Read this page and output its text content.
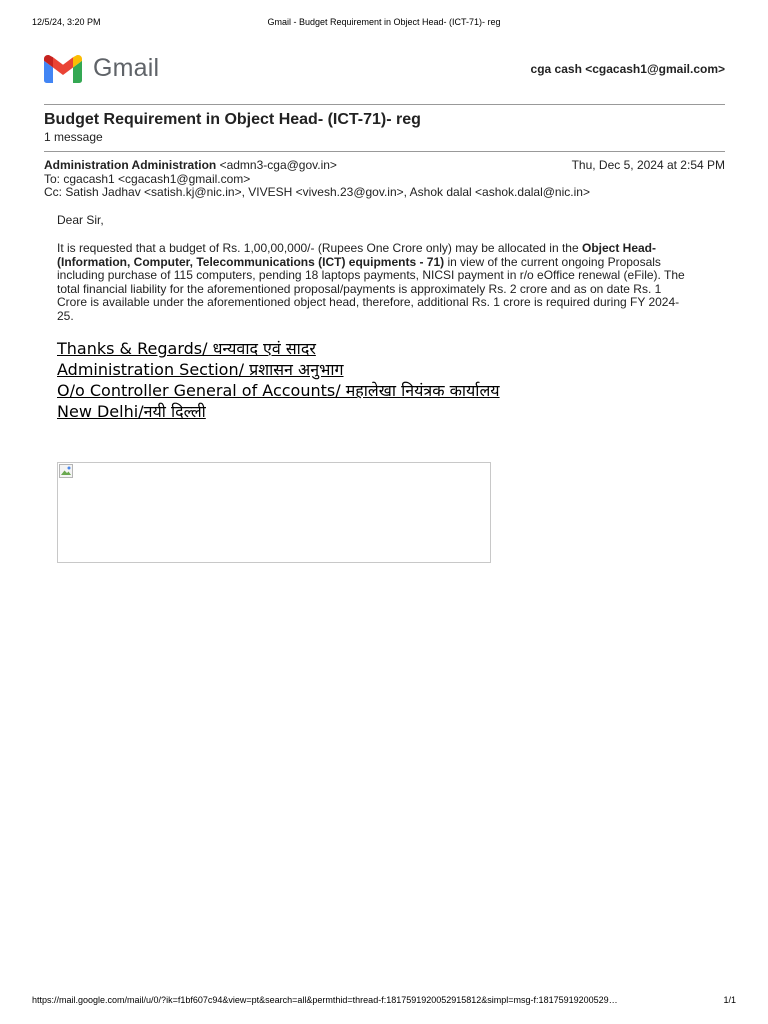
12/5/24, 3:20 PM	Gmail - Budget Requirement in Object Head- (ICT-71)- reg
Gmail	cga cash <cgacash1@gmail.com>
Budget Requirement in Object Head- (ICT-71)- reg
1 message
Administration Administration <admn3-cga@gov.in>	Thu, Dec 5, 2024 at 2:54 PM
To: cgacash1 <cgacash1@gmail.com>
Cc: Satish Jadhav <satish.kj@nic.in>, VIVESH <vivesh.23@gov.in>, Ashok dalal <ashok.dalal@nic.in>
Dear Sir,
It is requested that a budget of Rs. 1,00,00,000/- (Rupees One Crore only) may be allocated in the Object Head-(Information, Computer, Telecommunications (ICT) equipments - 71) in view of the current ongoing Proposals including purchase of 115 computers, pending 18 laptops payments, NICSI payment in r/o eOffice renewal (eFile). The total financial liability for the aforementioned proposal/payments is approximately Rs. 2 crore and as on date Rs. 1 Crore is available under the aforementioned object head, therefore, additional Rs. 1 crore is required during FY 2024-25.
Thanks & Regards/ धन्यवाद एवं सादर
Administration Section/ प्रशासन अनुभाग
O/o Controller General of Accounts/ महालेखा नियंत्रक कार्यालय
New Delhi/नयी दिल्ली
https://mail.google.com/mail/u/0/?ik=f1bf607c94&view=pt&search=all&permthid=thread-f:1817591920052915812&simpl=msg-f:18175919200529…	1/1
